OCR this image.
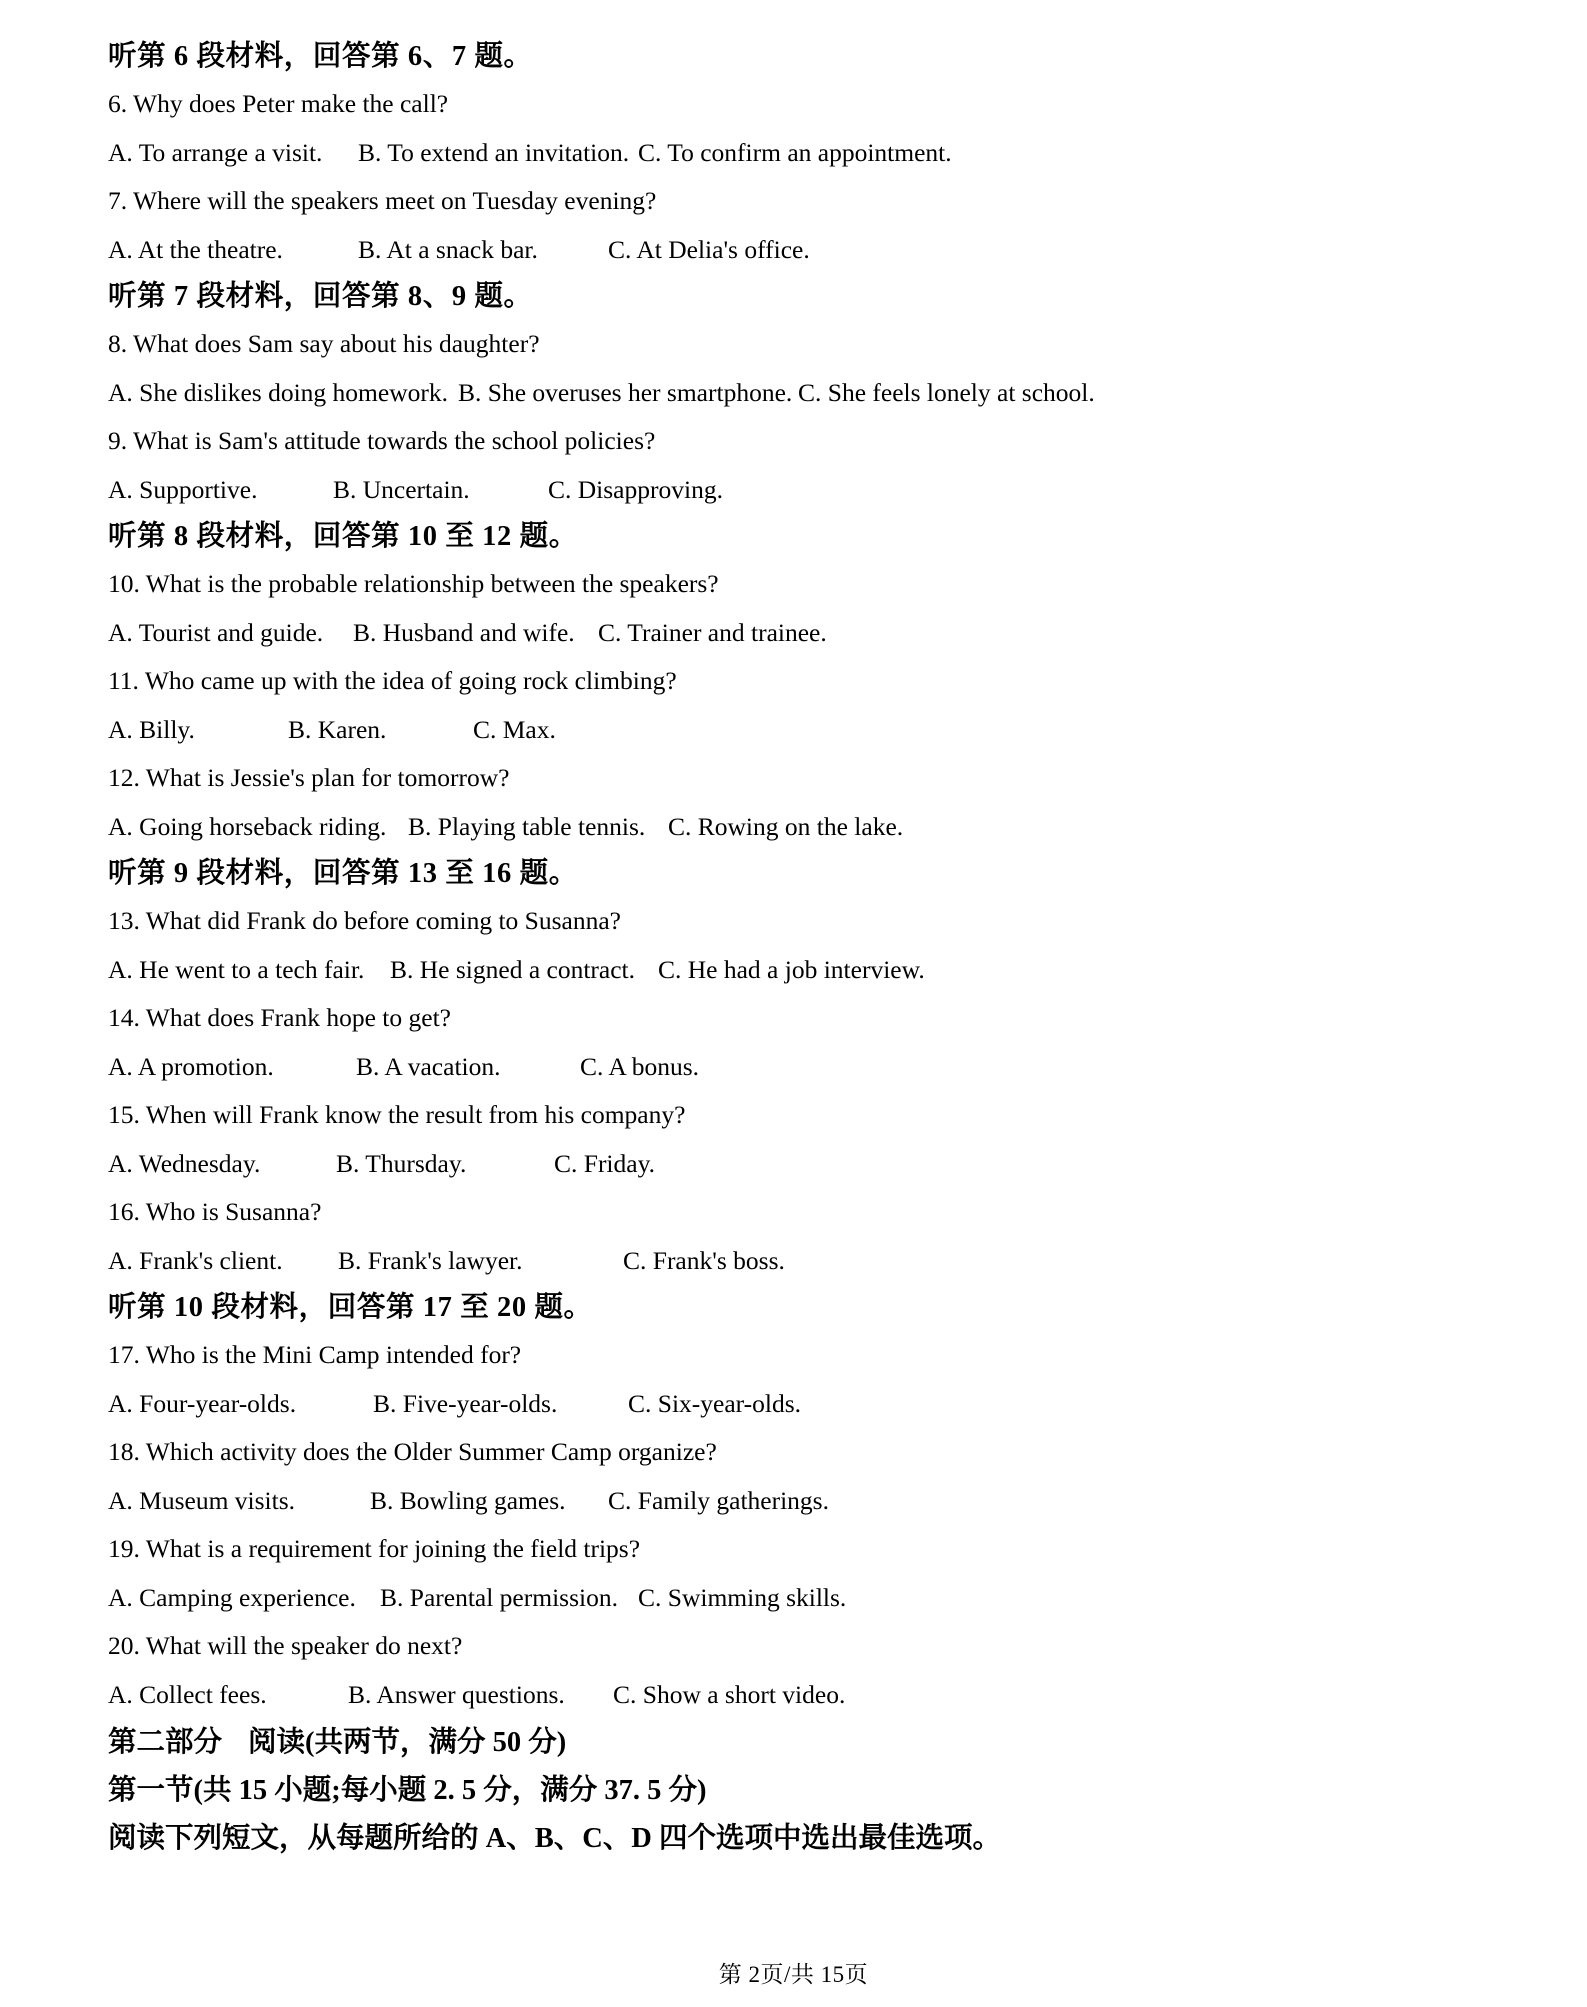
听第 6 段材料，回答第 6、7 题。

6. Why does Peter make the call?

A. To arrange a visit. B. To extend an invitation. C. To confirm an appointment.

7. Where will the speakers meet on Tuesday evening?

A. At the theatre.	B. At a snack bar.	C. At Delia's office.

听第 7 段材料，回答第 8、9 题。

8. What does Sam say about his daughter?

A. She dislikes doing homework. B. She overuses her smartphone. C. She feels lonely at school.

9. What is Sam's attitude towards the school policies?

A. Supportive.	B. Uncertain.	C. Disapproving.

听第 8 段材料，回答第 10 至 12 题。

10. What is the probable relationship between the speakers?

A. Tourist and guide. B. Husband and wife. C. Trainer and trainee.

11. Who came up with the idea of going rock climbing?

A. Billy.	B. Karen.	C. Max.

12. What is Jessie's plan for tomorrow?

A. Going horseback riding. B. Playing table tennis. C. Rowing on the lake.

听第 9 段材料，回答第 13 至 16 题。

13. What did Frank do before coming to Susanna?

A. He went to a tech fair. B. He signed a contract. C. He had a job interview.

14. What does Frank hope to get?

A. A promotion.	B. A vacation.	C. A bonus.

15. When will Frank know the result from his company?

A. Wednesday.	B. Thursday.	C. Friday.

16. Who is Susanna?

A. Frank's client. B. Frank's lawyer.	C. Frank's boss.

听第 10 段材料，回答第 17 至 20 题。

17. Who is the Mini Camp intended for?

A. Four-year-olds.	B. Five-year-olds.	C. Six-year-olds.

18. Which activity does the Older Summer Camp organize?

A. Museum visits.	B. Bowling games. C. Family gatherings.

19. What is a requirement for joining the field trips?

A. Camping experience. B. Parental permission. C. Swimming skills.

20. What will the speaker do next?

A. Collect fees.	B. Answer questions. C. Show a short video.

第二部分 阅读(共两节，满分 50 分)

第一节(共 15 小题;每小题 2. 5 分，满分 37. 5 分)

阅读下列短文，从每题所给的 A、B、C、D 四个选项中选出最佳选项。

第 2页/共 15页
